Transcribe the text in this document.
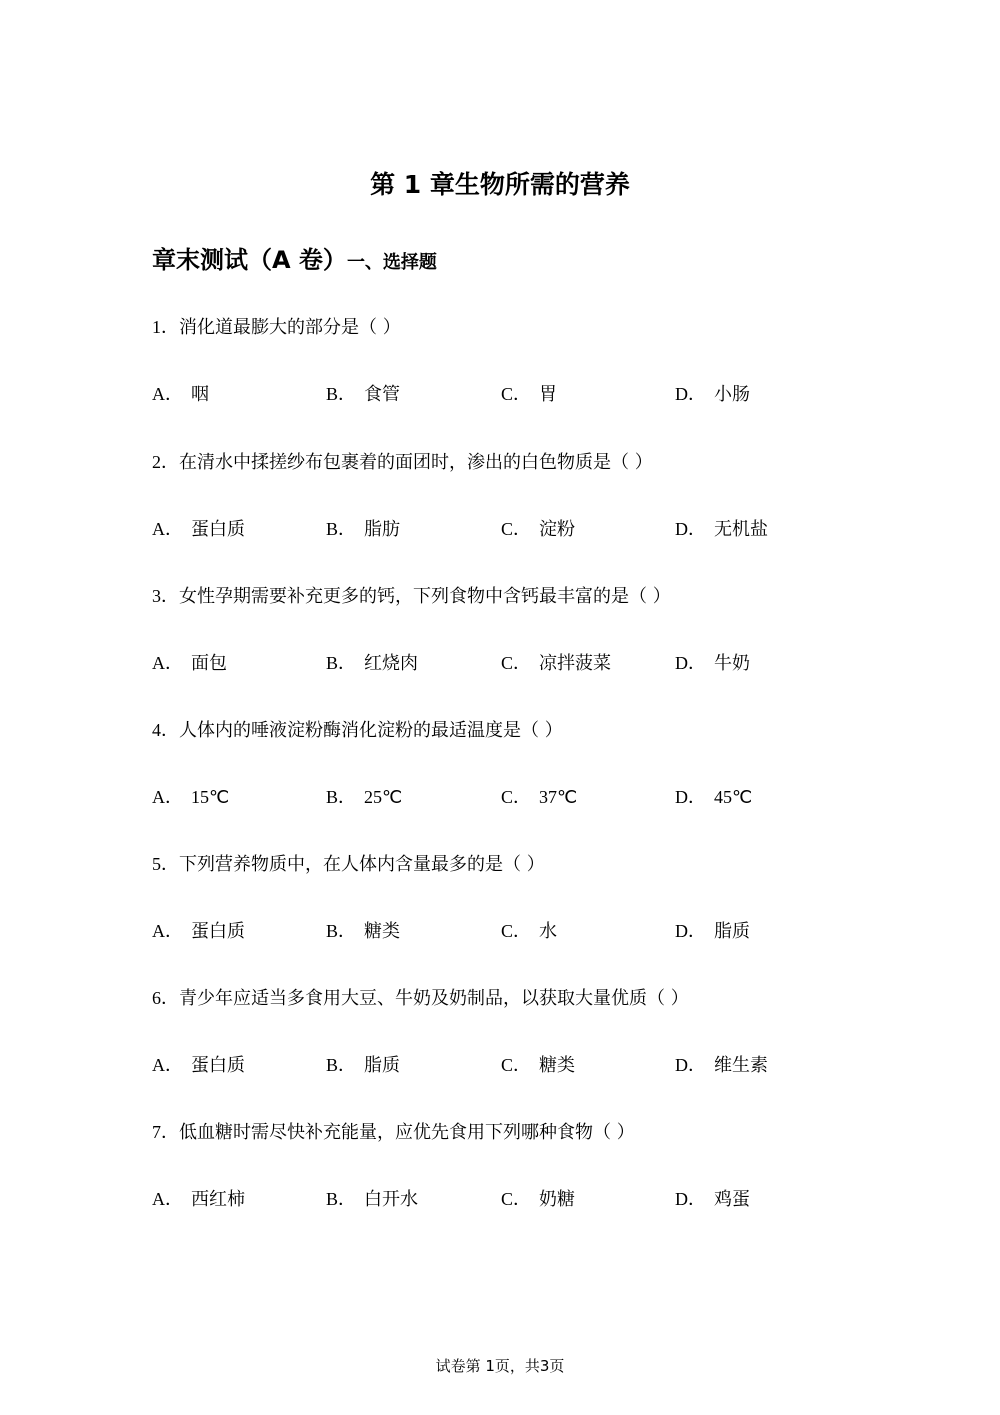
第 1 章生物所需的营养
章末测试（A 卷）一、选择题
1．消化道最膨大的部分是（ ）
A． 咽	B． 食管	C． 胃	D． 小肠
2．在清水中揉搓纱布包裹着的面团时，渗出的白色物质是（ ）
A． 蛋白质	B． 脂肪	C． 淀粉	D． 无机盐
3．女性孕期需要补充更多的钙，下列食物中含钙最丰富的是（ ）
A． 面包	B． 红烧肉	C． 凉拌菠菜	D． 牛奶
4．人体内的唾液淀粉酶消化淀粉的最适温度是（ ）
A． 15℃	B． 25℃	C． 37℃	D． 45℃
5．下列营养物质中，在人体内含量最多的是（ ）
A． 蛋白质	B． 糖类	C． 水	D． 脂质
6．青少年应适当多食用大豆、牛奶及奶制品，以获取大量优质（ ）
A． 蛋白质	B． 脂质	C． 糖类	D． 维生素
7．低血糖时需尽快补充能量，应优先食用下列哪种食物（ ）
A． 西红柿	B． 白开水	C． 奶糖	D． 鸡蛋
试卷第 1页，共3页
